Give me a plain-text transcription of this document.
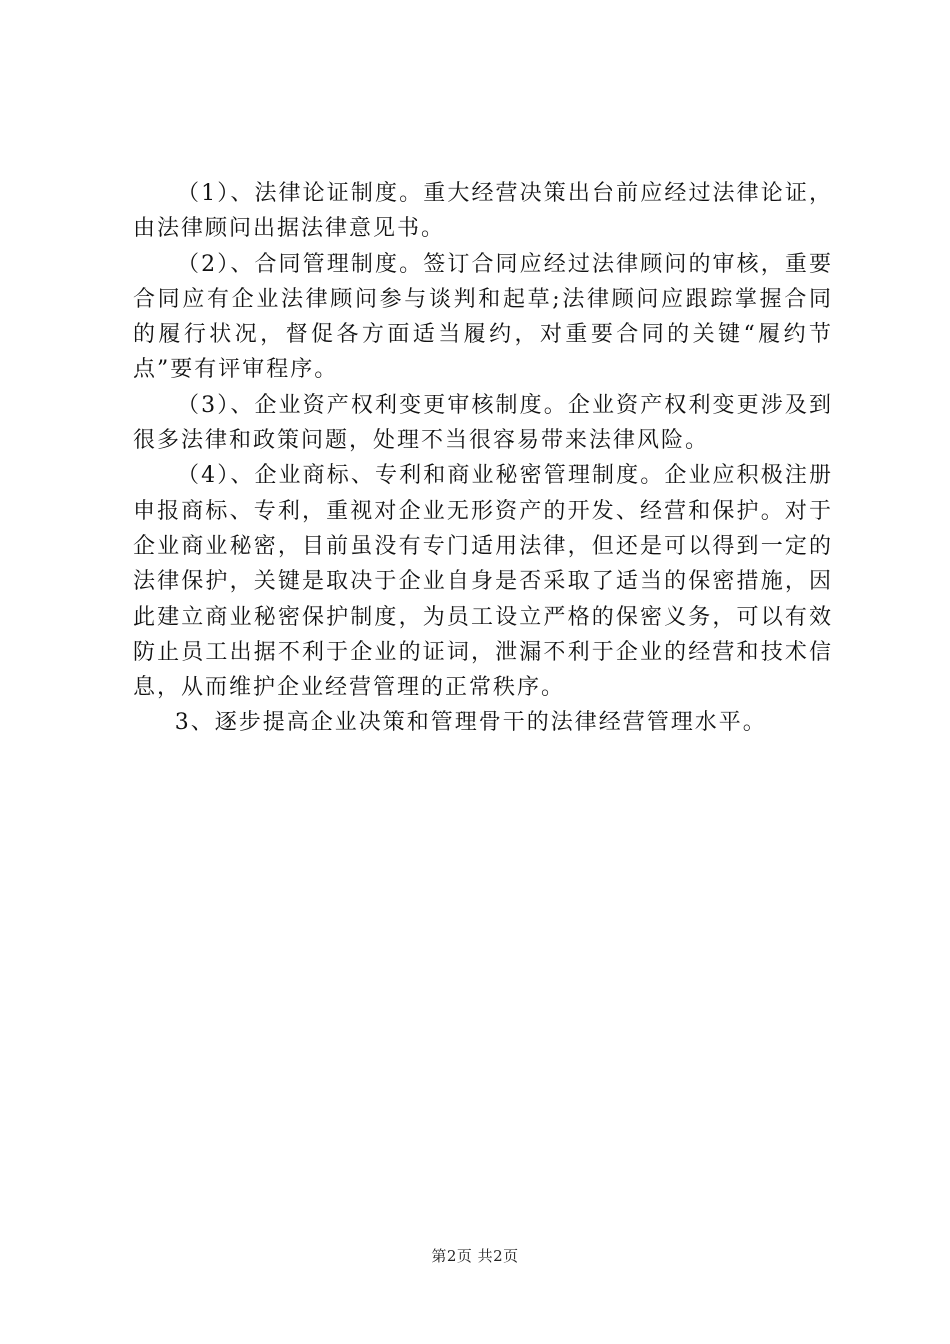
（1）、法律论证制度。重大经营决策出台前应经过法律论证，由法律顾问出据法律意见书。

（2）、合同管理制度。签订合同应经过法律顾问的审核，重要合同应有企业法律顾问参与谈判和起草;法律顾问应跟踪掌握合同的履行状况，督促各方面适当履约，对重要合同的关键“履约节点”要有评审程序。

（3）、企业资产权利变更审核制度。企业资产权利变更涉及到很多法律和政策问题，处理不当很容易带来法律风险。

（4）、企业商标、专利和商业秘密管理制度。企业应积极注册申报商标、专利，重视对企业无形资产的开发、经营和保护。对于企业商业秘密，目前虽没有专门适用法律，但还是可以得到一定的法律保护，关键是取决于企业自身是否采取了适当的保密措施，因此建立商业秘密保护制度，为员工设立严格的保密义务，可以有效防止员工出据不利于企业的证词，泄漏不利于企业的经营和技术信息，从而维护企业经营管理的正常秩序。

3、逐步提高企业决策和管理骨干的法律经营管理水平。

第2页 共2页
